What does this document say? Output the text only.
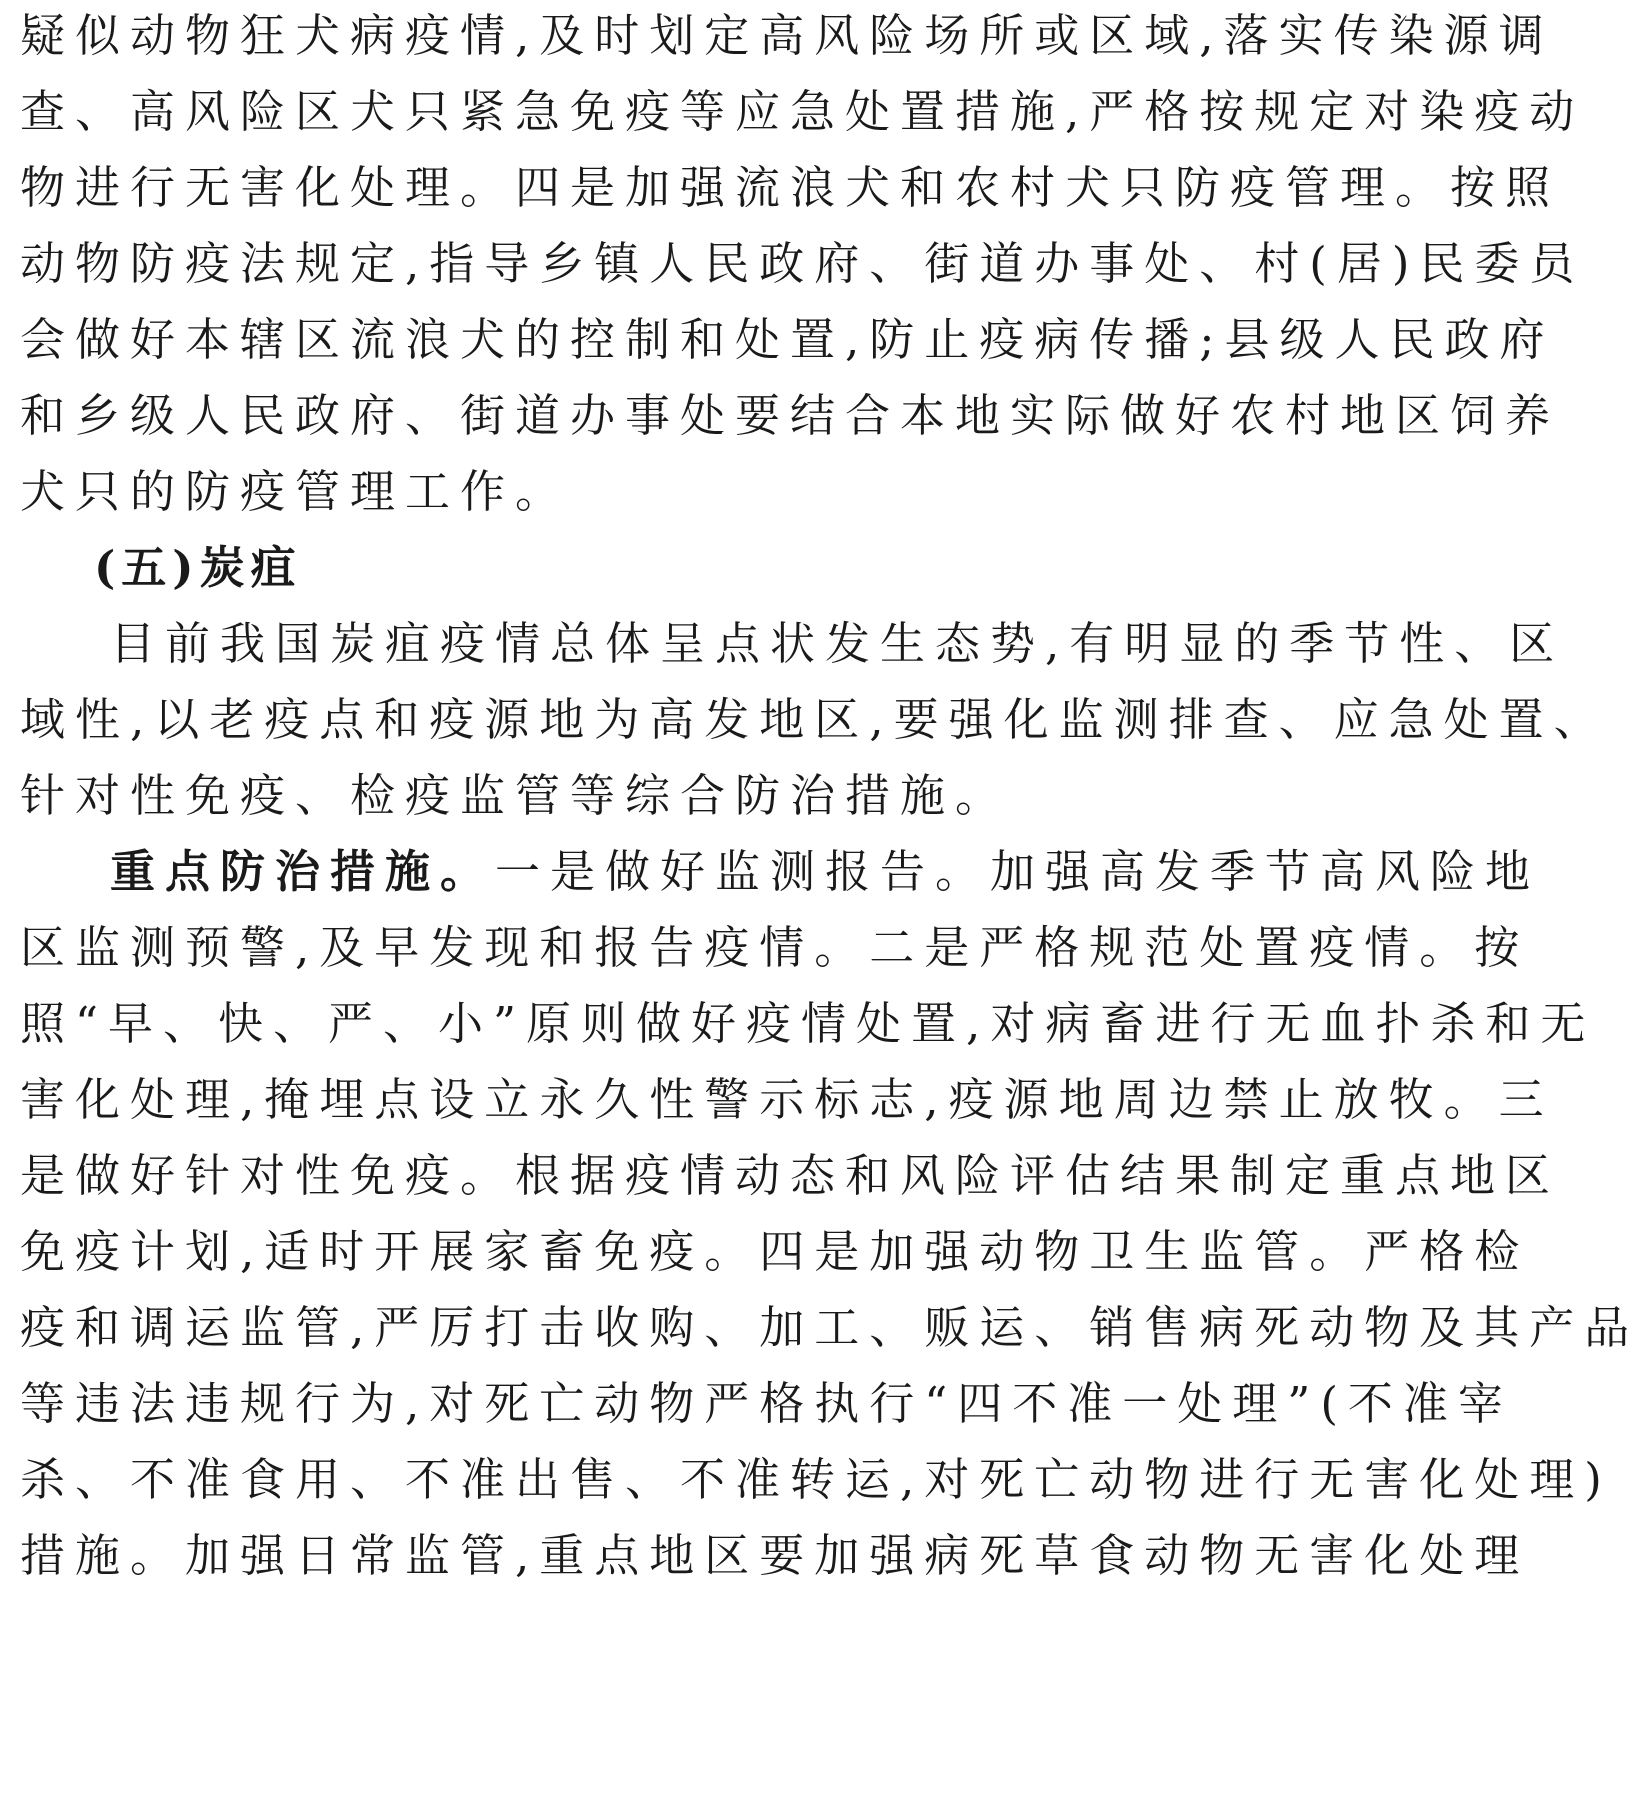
疑似动物狂犬病疫情,及时划定高风险场所或区域,落实传染源调
查、高风险区犬只紧急免疫等应急处置措施,严格按规定对染疫动
物进行无害化处理。四是加强流浪犬和农村犬只防疫管理。按照
动物防疫法规定,指导乡镇人民政府、街道办事处、村(居)民委员
会做好本辖区流浪犬的控制和处置,防止疫病传播;县级人民政府
和乡级人民政府、街道办事处要结合本地实际做好农村地区饲养
犬只的防疫管理工作。
(五)炭疽
目前我国炭疽疫情总体呈点状发生态势,有明显的季节性、区
域性,以老疫点和疫源地为高发地区,要强化监测排查、应急处置、
针对性免疫、检疫监管等综合防治措施。
重点防治措施。一是做好监测报告。加强高发季节高风险地
区监测预警,及早发现和报告疫情。二是严格规范处置疫情。按
照“早、快、严、小”原则做好疫情处置,对病畜进行无血扑杀和无
害化处理,掩埋点设立永久性警示标志,疫源地周边禁止放牧。三
是做好针对性免疫。根据疫情动态和风险评估结果制定重点地区
免疫计划,适时开展家畜免疫。四是加强动物卫生监管。严格检
疫和调运监管,严厉打击收购、加工、贩运、销售病死动物及其产品
等违法违规行为,对死亡动物严格执行“四不准一处理”(不准宰
杀、不准食用、不准出售、不准转运,对死亡动物进行无害化处理)
措施。加强日常监管,重点地区要加强病死草食动物无害化处理
